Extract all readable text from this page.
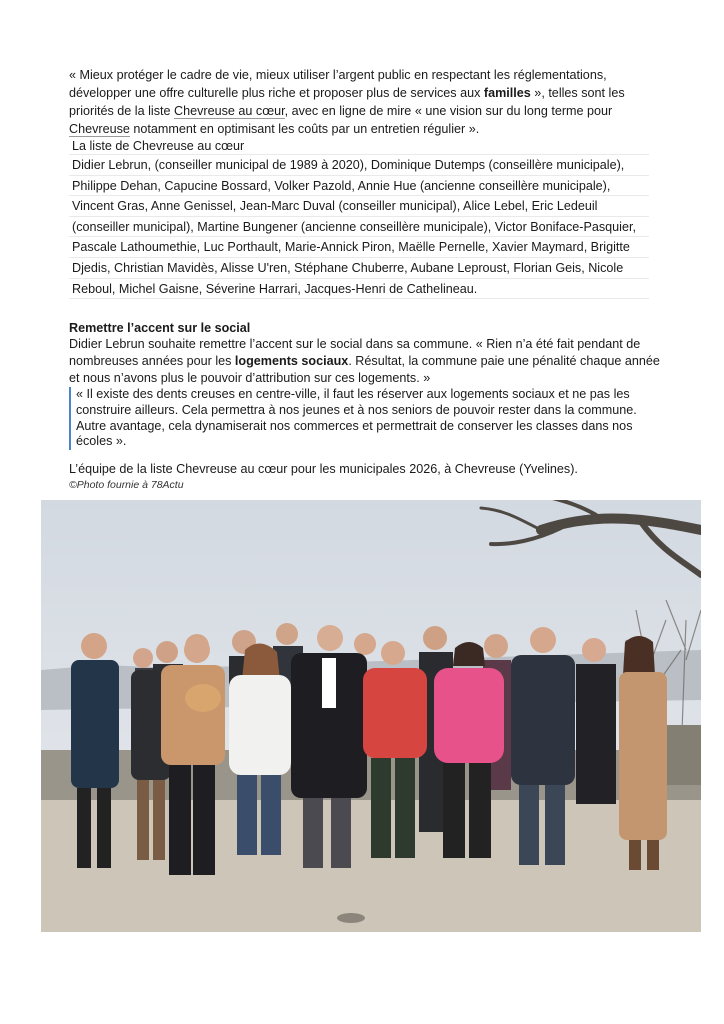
« Mieux protéger le cadre de vie, mieux utiliser l’argent public en respectant les réglementations, développer une offre culturelle plus riche et proposer plus de services aux familles », telles sont les priorités de la liste Chevreuse au cœur, avec en ligne de mire « une vision sur du long terme pour Chevreuse notamment en optimisant les coûts par un entretien régulier ».
La liste de Chevreuse au cœur
Didier Lebrun, (conseiller municipal de 1989 à 2020), Dominique Dutemps (conseillère municipale),
Philippe Dehan, Capucine Bossard, Volker Pazold, Annie Hue (ancienne conseillère municipale),
Vincent Gras, Anne Genissel, Jean-Marc Duval (conseiller municipal), Alice Lebel, Eric Ledeuil
(conseiller municipal), Martine Bungener (ancienne conseillère municipale), Victor Boniface-Pasquier,
Pascale Lathoumethie, Luc Porthault, Marie-Annick Piron, Maëlle Pernelle, Xavier Maymard, Brigitte
Djedis, Christian Mavidès, Alisse U'ren, Stéphane Chuberre, Aubane Leproust, Florian Geis, Nicole
Reboul, Michel Gaisne, Séverine Harrari, Jacques-Henri de Cathelineau.
Remettre l’accent sur le social
Didier Lebrun souhaite remettre l’accent sur le social dans sa commune. « Rien n’a été fait pendant de nombreuses années pour les logements sociaux. Résultat, la commune paie une pénalité chaque année et nous n’avons plus le pouvoir d’attribution sur ces logements. »
« Il existe des dents creuses en centre-ville, il faut les réserver aux logements sociaux et ne pas les construire ailleurs. Cela permettra à nos jeunes et à nos seniors de pouvoir rester dans la commune. Autre avantage, cela dynamiserait nos commerces et permettrait de conserver les classes dans nos écoles ».
L’équipe de la liste Chevreuse au cœur pour les municipales 2026, à Chevreuse (Yvelines).
©Photo fournie à 78Actu
